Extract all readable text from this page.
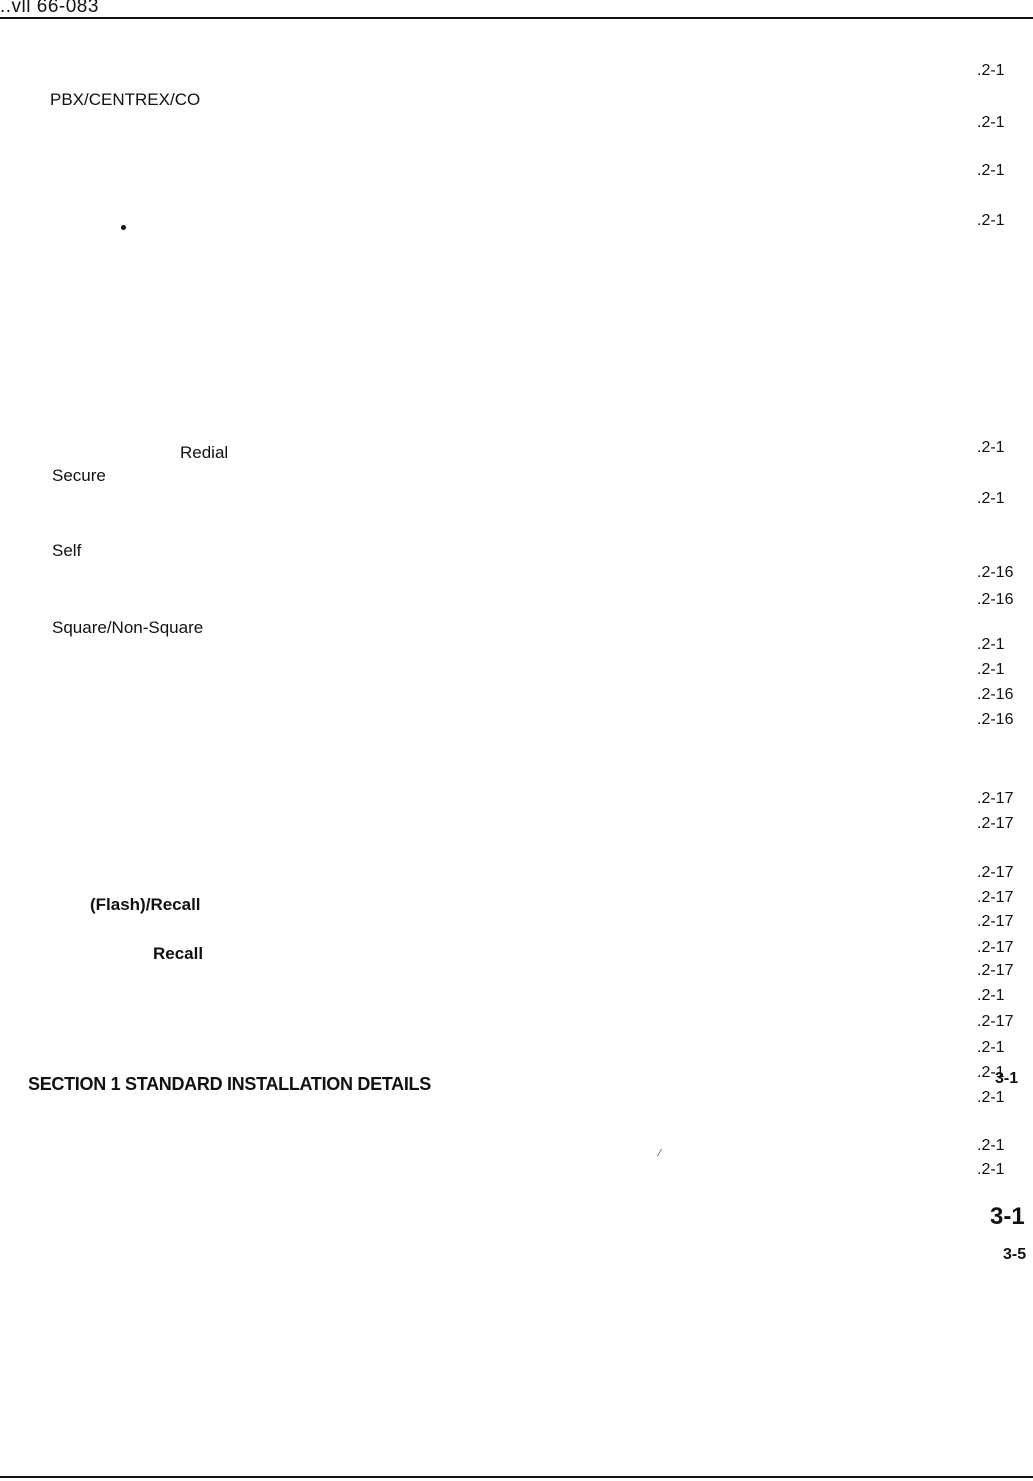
..vll 66-083
PBX/CENTREX/CO
Redial
Secure
Self
Square/Non-Square
(Flash)/Recall
Recall
SECTION 1 STANDARD INSTALLATION DETAILS
.2-1
.2-1
.2-1
.2-1
.2-1
.2-1
.2-16
.2-16
.2-1
.2-1
.2-16
.2-16
.2-17
.2-17
.2-17
.2-17
.2-17
.2-17
.2-17
.2-1
.2-17
.2-1
.2-1
.2-1
.2-1
.2-1
3-1
3-1
3-5
⁄
